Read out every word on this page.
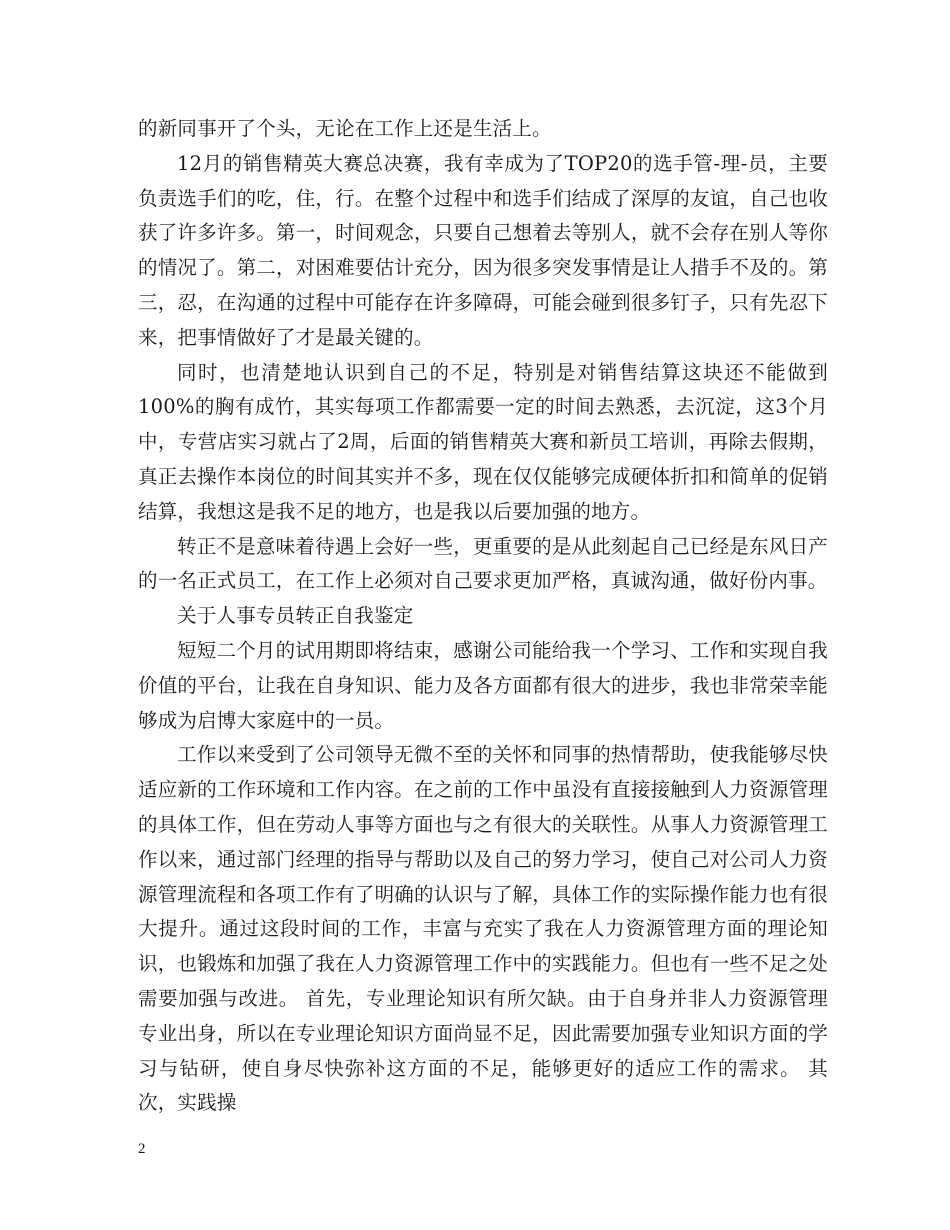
的新同事开了个头，无论在工作上还是生活上。

12月的销售精英大赛总决赛，我有幸成为了TOP20的选手管-理-员，主要负责选手们的吃，住，行。在整个过程中和选手们结成了深厚的友谊，自己也收获了许多许多。第一，时间观念，只要自己想着去等别人，就不会存在别人等你的情况了。第二，对困难要估计充分，因为很多突发事情是让人措手不及的。第三，忍，在沟通的过程中可能存在许多障碍，可能会碰到很多钉子，只有先忍下来，把事情做好了才是最关键的。

同时，也清楚地认识到自己的不足，特别是对销售结算这块还不能做到100%的胸有成竹，其实每项工作都需要一定的时间去熟悉，去沉淀，这3个月中，专营店实习就占了2周，后面的销售精英大赛和新员工培训，再除去假期，真正去操作本岗位的时间其实并不多，现在仅仅能够完成硬体折扣和简单的促销结算，我想这是我不足的地方，也是我以后要加强的地方。

转正不是意味着待遇上会好一些，更重要的是从此刻起自己已经是东风日产的一名正式员工，在工作上必须对自己要求更加严格，真诚沟通，做好份内事。

关于人事专员转正自我鉴定

短短二个月的试用期即将结束，感谢公司能给我一个学习、工作和实现自我价值的平台，让我在自身知识、能力及各方面都有很大的进步，我也非常荣幸能够成为启博大家庭中的一员。

工作以来受到了公司领导无微不至的关怀和同事的热情帮助，使我能够尽快适应新的工作环境和工作内容。在之前的工作中虽没有直接接触到人力资源管理的具体工作，但在劳动人事等方面也与之有很大的关联性。从事人力资源管理工作以来，通过部门经理的指导与帮助以及自己的努力学习，使自己对公司人力资源管理流程和各项工作有了明确的认识与了解，具体工作的实际操作能力也有很大提升。通过这段时间的工作，丰富与充实了我在人力资源管理方面的理论知识，也锻炼和加强了我在人力资源管理工作中的实践能力。但也有一些不足之处需要加强与改进。 首先，专业理论知识有所欠缺。由于自身并非人力资源管理专业出身，所以在专业理论知识方面尚显不足，因此需要加强专业知识方面的学习与钻研，使自身尽快弥补这方面的不足，能够更好的适应工作的需求。 其次，实践操

2
